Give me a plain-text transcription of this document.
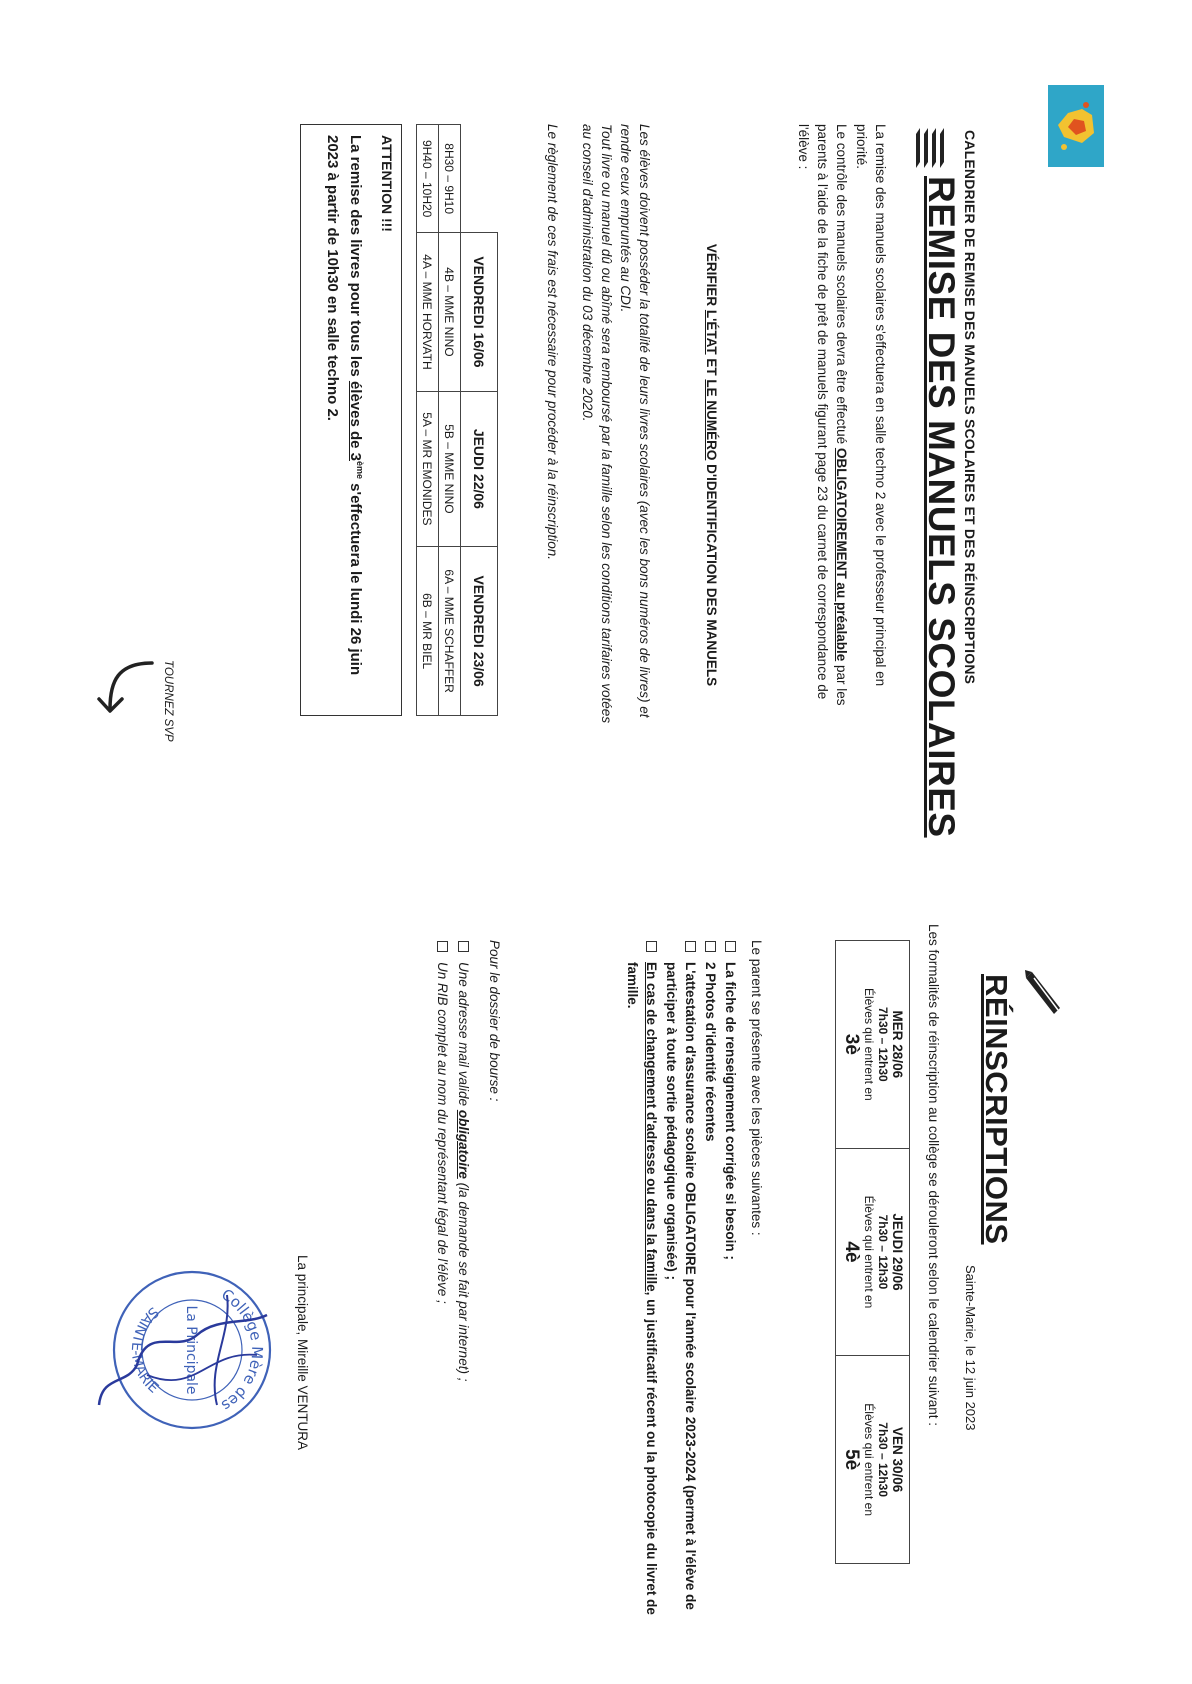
CALENDRIER DE REMISE DES MANUELS SCOLAIRES ET DES RÉINSCRIPTIONS
Sainte-Marie, le 12 juin 2023
REMISE DES MANUELS SCOLAIRES
La remise des manuels scolaires s'effectuera en salle techno 2 avec le professeur principal en priorité.
Le contrôle des manuels scolaires devra être effectué OBLIGATOIREMENT au préalable par les parents à l'aide de la fiche de prêt de manuels figurant page 23 du carnet de correspondance de l'élève :
VÉRIFIER L'ÉTAT ET LE NUMÉRO D'IDENTIFICATION DES MANUELS
Les élèves doivent posséder la totalité de leurs livres scolaires (avec les bons numéros de livres) et rendre ceux empruntés au CDI.
Tout livre ou manuel dû ou abîmé sera remboursé par la famille selon les conditions tarifaires votées au conseil d'administration du 03 décembre 2020.
Le règlement de ces frais est nécessaire pour procéder à la réinscription.
	VENDREDI 16/06	JEUDI 22/06	VENDREDI 23/06
8H30 – 9H10	4B – MME NINO	5B – MME NINO	6A – MME SCHAFFER
9H40 – 10H20	4A – MME HORVATH	5A – MR EMONIDES	6B – MR BIEL
ATTENTION !!!
La remise des livres pour tous les élèves de 3ème s'effectuera le lundi 26 juin
2023 à partir de 10h30 en salle techno 2.
TOURNEZ SVP
RÉINSCRIPTIONS
Les formalités de réinscription au collège se dérouleront selon le calendrier suivant :
MER 28/06
7h30 – 12h30
Élèves qui entrent en
3è

JEUDI 29/06
7h30 – 12h30
Élèves qui entrent en
4è

VEN 30/06
7h30 – 12h30
Élèves qui entrent en
5è
Le parent se présente avec les pièces suivantes :
La fiche de renseignement corrigée si besoin ;
2 Photos d'identité récentes
L'attestation d'assurance scolaire OBLIGATOIRE pour l'année scolaire 2023-2024 (permet à l'élève de participer à toute sortie pédagogique organisée) ;
En cas de changement d'adresse ou dans la famille, un justificatif récent ou la photocopie du livret de famille.
Pour le dossier de bourse :
Une adresse mail valide obligatoire (la demande se fait par internet) ;
Un RIB complet au nom du représentant légal de l'élève ;
La principale, Mireille VENTURA
Collège Mère des
SAINTE-MARIE La Principale
